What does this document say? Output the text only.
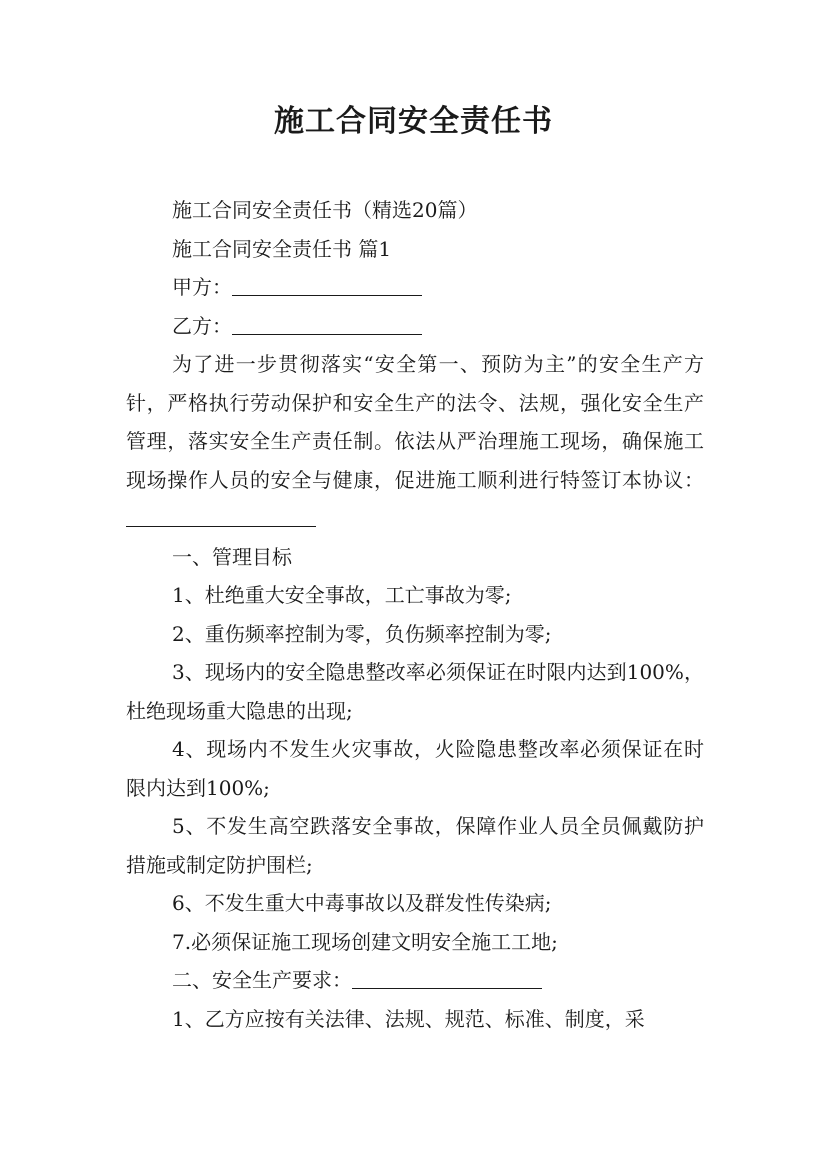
施工合同安全责任书

施工合同安全责任书（精选20篇）

施工合同安全责任书 篇1

甲方：

乙方：

为了进一步贯彻落实“安全第一、预防为主”的安全生产方针，严格执行劳动保护和安全生产的法令、法规，强化安全生产管理，落实安全生产责任制。依法从严治理施工现场，确保施工现场操作人员的安全与健康，促进施工顺利进行特签订本协议：

一、管理目标

1、杜绝重大安全事故，工亡事故为零;

2、重伤频率控制为零，负伤频率控制为零;

3、现场内的安全隐患整改率必须保证在时限内达到100%，杜绝现场重大隐患的出现;

4、现场内不发生火灾事故，火险隐患整改率必须保证在时限内达到100%;

5、不发生高空跌落安全事故，保障作业人员全员佩戴防护措施或制定防护围栏;

6、不发生重大中毒事故以及群发性传染病;

7.必须保证施工现场创建文明安全施工工地;

二、安全生产要求：

1、乙方应按有关法律、法规、规范、标准、制度，采
